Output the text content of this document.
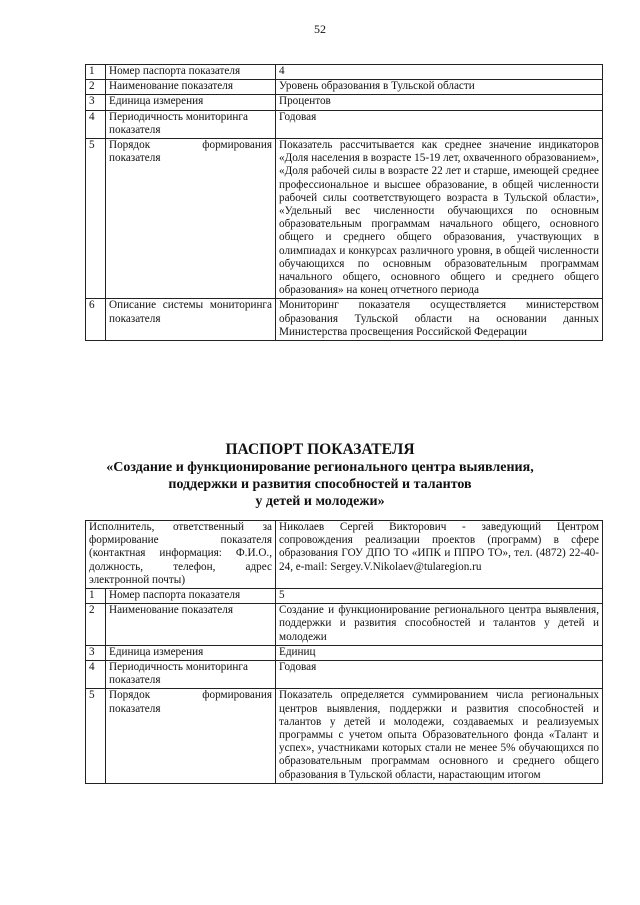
52
1	Номер паспорта показателя	4
2	Наименование показателя	Уровень образования в Тульской области
3	Единица измерения	Процентов
4	Периодичность мониторинга показателя	Годовая
5	Порядок формирования показателя	Показатель рассчитывается как среднее значение индикаторов «Доля населения в возрасте 15-19 лет, охваченного образованием», «Доля рабочей силы в возрасте 22 лет и старше, имеющей среднее профессиональное и высшее образование, в общей численности рабочей силы соответствующего возраста в Тульской области», «Удельный вес численности обучающихся по основным образовательным программам начального общего, основного общего и среднего общего образования, участвующих в олимпиадах и конкурсах различного уровня, в общей численности обучающихся по основным образовательным программам начального общего, основного общего и среднего общего образования» на конец отчетного периода
6	Описание системы мониторинга показателя	Мониторинг показателя осуществляется министерством образования Тульской области на основании данных Министерства просвещения Российской Федерации
ПАСПОРТ ПОКАЗАТЕЛЯ
«Создание и функционирование регионального центра выявления,
поддержки и развития способностей и талантов
у детей и молодежи»
Исполнитель, ответственный за формирование показателя (контактная информация: Ф.И.О., должность, телефон, адрес электронной почты)		Николаев Сергей Викторович - заведующий Центром сопровождения реализации проектов (программ) в сфере образования ГОУ ДПО ТО «ИПК и ППРО ТО», тел. (4872) 22-40-24, e-mail: Sergey.V.Nikolaev@tularegion.ru
1	Номер паспорта показателя	5
2	Наименование показателя	Создание и функционирование регионального центра выявления, поддержки и развития способностей и талантов у детей и молодежи
3	Единица измерения	Единиц
4	Периодичность мониторинга показателя	Годовая
5	Порядок формирования показателя	Показатель определяется суммированием числа региональных центров выявления, поддержки и развития способностей и талантов у детей и молодежи, создаваемых и реализуемых программы с учетом опыта Образовательного фонда «Талант и успех», участниками которых стали не менее 5% обучающихся по образовательным программам основного и среднего общего образования в Тульской области, нарастающим итогом
